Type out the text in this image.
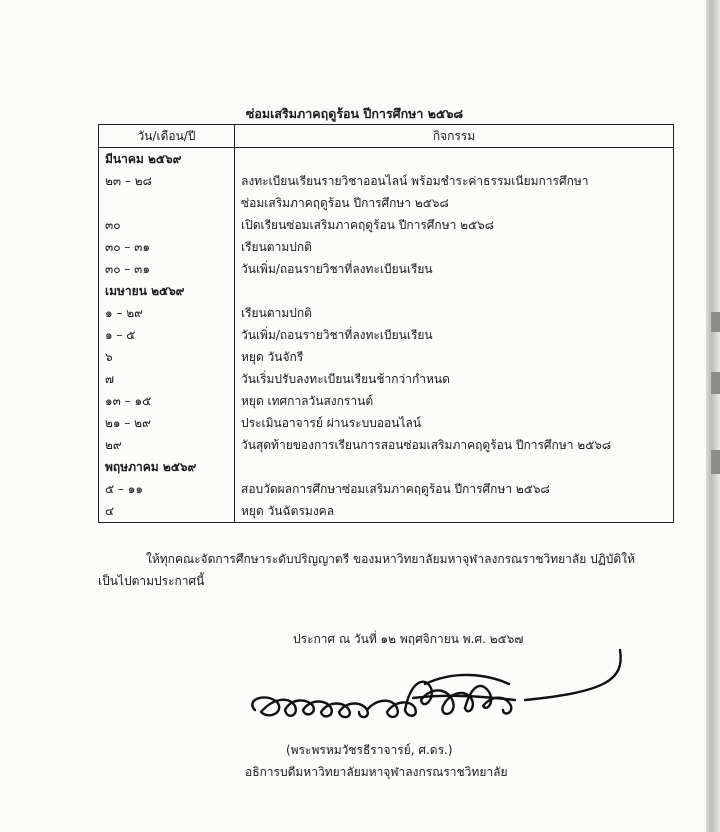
ซ่อมเสริมภาคฤดูร้อน ปีการศึกษา ๒๕๖๘
วัน/เดือน/ปี	กิจกรรม
มีนาคม ๒๕๖๙	
๒๓ – ๒๘	ลงทะเบียนเรียนรายวิชาออนไลน์ พร้อมชำระค่าธรรมเนียมการศึกษา
	ซ่อมเสริมภาคฤดูร้อน ปีการศึกษา ๒๕๖๘
๓๐	เปิดเรียนซ่อมเสริมภาคฤดูร้อน ปีการศึกษา ๒๕๖๘
๓๐ – ๓๑	เรียนตามปกติ
๓๐ – ๓๑	วันเพิ่ม/ถอนรายวิชาที่ลงทะเบียนเรียน
เมษายน ๒๕๖๙	
๑ – ๒๙	เรียนตามปกติ
๑ – ๕	วันเพิ่ม/ถอนรายวิชาที่ลงทะเบียนเรียน
๖	หยุด วันจักรี
๗	วันเริ่มปรับลงทะเบียนเรียนช้ากว่ากำหนด
๑๓ – ๑๕	หยุด เทศกาลวันสงกรานต์
๒๑ – ๒๙	ประเมินอาจารย์ ผ่านระบบออนไลน์
๒๙	วันสุดท้ายของการเรียนการสอนซ่อมเสริมภาคฤดูร้อน ปีการศึกษา ๒๕๖๘
พฤษภาคม ๒๕๖๙	
๕ – ๑๑	สอบวัดผลการศึกษาซ่อมเสริมภาคฤดูร้อน ปีการศึกษา ๒๕๖๘
๔	หยุด วันฉัตรมงคล
ให้ทุกคณะจัดการศึกษาระดับปริญญาตรี ของมหาวิทยาลัยมหาจุฬาลงกรณราชวิทยาลัย ปฏิบัติให้
เป็นไปตามประกาศนี้
ประกาศ ณ วันที่ ๑๒ พฤศจิกายน พ.ศ. ๒๕๖๗
(พระพรหมวัชรธีราจารย์, ศ.ดร.)
อธิการบดีมหาวิทยาลัยมหาจุฬาลงกรณราชวิทยาลัย
